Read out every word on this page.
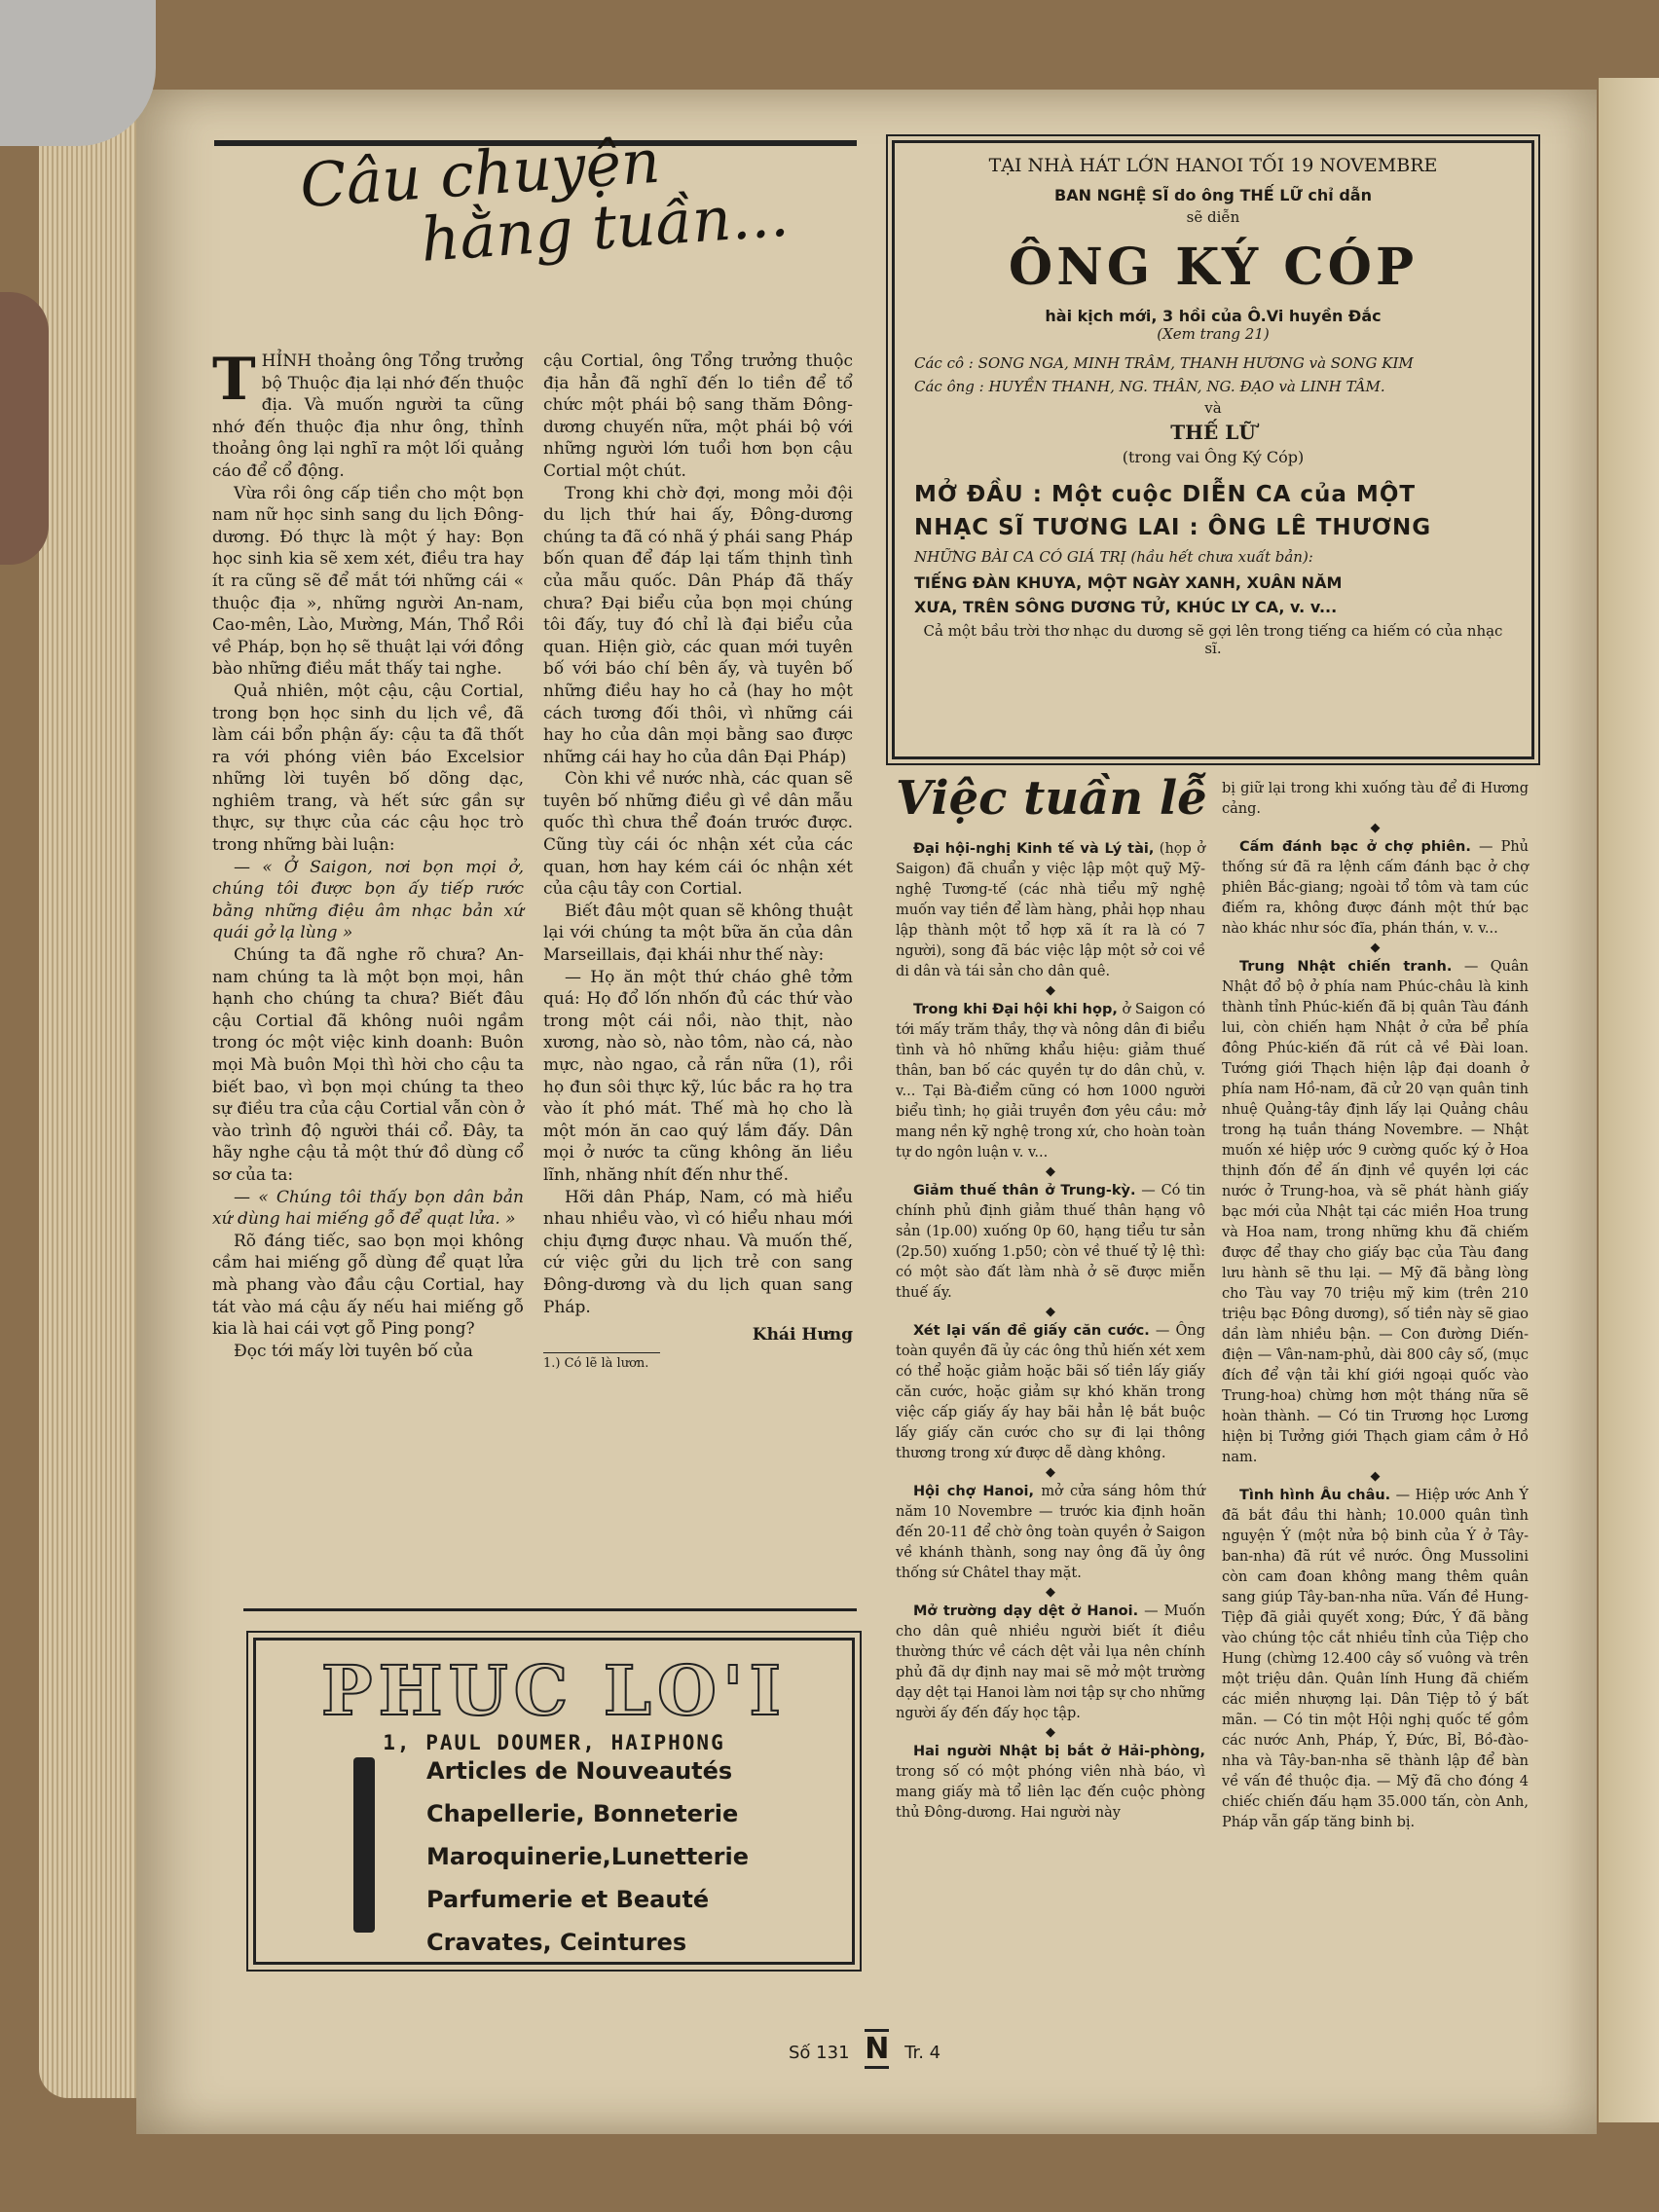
Câu chuyện
hằng tuần...
T HỈNH thoảng ông Tổng trưởng bộ Thuộc địa lại nhớ đến thuộc địa. Và muốn người ta cũng nhớ đến thuộc địa như ông, thỉnh thoảng ông lại nghĩ ra một lối quảng cáo để cổ động.

Vừa rồi ông cấp tiền cho một bọn nam nữ học sinh sang du lịch Đông-dương. Đó thực là một ý hay: Bọn học sinh kia sẽ xem xét, điều tra hay ít ra cũng sẽ để mắt tới những cái « thuộc địa », những người An-nam, Cao-mên, Lào, Mường, Mán, Thổ Rồi về Pháp, bọn họ sẽ thuật lại với đồng bào những điều mắt thấy tai nghe.

Quả nhiên, một cậu, cậu Cortial, trong bọn học sinh du lịch về, đã làm cái bổn phận ấy: cậu ta đã thốt ra với phóng viên báo Excelsior những lời tuyên bố dõng dạc, nghiêm trang, và hết sức gần sự thực, sự thực của các cậu học trò trong những bài luận:

— « Ở Saigon, nơi bọn mọi ở, chúng tôi được bọn ấy tiếp rước bằng những điệu âm nhạc bản xứ quái gở lạ lùng »

Chúng ta đã nghe rõ chưa? An-nam chúng ta là một bọn mọi, hân hạnh cho chúng ta chưa? Biết đâu cậu Cortial đã không nuôi ngầm trong óc một việc kinh doanh: Buôn mọi Mà buôn Mọi thì hời cho cậu ta biết bao, vì bọn mọi chúng ta theo sự điều tra của cậu Cortial vẫn còn ở vào trình độ người thái cổ. Đây, ta hãy nghe cậu tả một thứ đồ dùng cổ sơ của ta:

— « Chúng tôi thấy bọn dân bản xứ dùng hai miếng gỗ để quạt lửa. »

Rõ đáng tiếc, sao bọn mọi không cầm hai miếng gỗ dùng để quạt lửa mà phang vào đầu cậu Cortial, hay tát vào má cậu ấy nếu hai miếng gỗ kia là hai cái vợt gỗ Ping pong?

Đọc tới mấy lời tuyên bố của

cậu Cortial, ông Tổng trưởng thuộc địa hẳn đã nghĩ đến lo tiền để tổ chức một phái bộ sang thăm Đông-dương chuyến nữa, một phái bộ với những người lớn tuổi hơn bọn cậu Cortial một chút.

Trong khi chờ đợi, mong mỏi đội du lịch thứ hai ấy, Đông-dương chúng ta đã có nhã ý phái sang Pháp bốn quan để đáp lại tấm thịnh tình của mẫu quốc. Dân Pháp đã thấy chưa? Đại biểu của bọn mọi chúng tôi đấy, tuy đó chỉ là đại biểu của quan. Hiện giờ, các quan mới tuyên bố với báo chí bên ấy, và tuyên bố những điều hay ho cả (hay ho một cách tương đối thôi, vì những cái hay ho của dân mọi bằng sao được những cái hay ho của dân Đại Pháp)

Còn khi về nước nhà, các quan sẽ tuyên bố những điều gì về dân mẫu quốc thì chưa thể đoán trước được. Cũng tùy cái óc nhận xét của các quan, hơn hay kém cái óc nhận xét của cậu tây con Cortial.

Biết đâu một quan sẽ không thuật lại với chúng ta một bữa ăn của dân Marseillais, đại khái như thế này:

— Họ ăn một thứ cháo ghê tởm quá: Họ đổ lốn nhốn đủ các thứ vào trong một cái nồi, nào thịt, nào xương, nào sò, nào tôm, nào cá, nào mực, nào ngao, cả rắn nữa (1), rồi họ đun sôi thực kỹ, lúc bắc ra họ tra vào ít phó mát. Thế mà họ cho là một món ăn cao quý lắm đấy. Dân mọi ở nước ta cũng không ăn liều lĩnh, nhăng nhít đến như thế.

Hỡi dân Pháp, Nam, có mà hiểu nhau nhiều vào, vì có hiểu nhau mới chịu đựng được nhau. Và muốn thế, cứ việc gửi du lịch trẻ con sang Đông-dương và du lịch quan sang Pháp.

Khái Hưng
1.) Có lẽ là lươn.
TẠI NHÀ HÁT LỚN HANOI TỐI 19 NOVEMBRE
BAN NGHỆ SĨ do ông THẾ LỮ chỉ dẫn
sẽ diễn
ÔNG KÝ CÓP
hài kịch mới, 3 hồi của Ô.Vi huyền Đắc
(Xem trang 21)
Các cô : SONG NGA, MINH TRÂM, THANH HƯƠNG và SONG KIM
Các ông : HUYỀN THANH, NG. THÂN, NG. ĐẠO và LINH TÂM.
và
THẾ LỮ
(trong vai Ông Ký Cóp)
MỞ ĐẦU : Một cuộc DIỄN CA của MỘT
NHẠC SĨ TƯƠNG LAI : ÔNG LÊ THƯƠNG
NHỮNG BÀI CA CÓ GIÁ TRỊ (hầu hết chưa xuất bản):
TIẾNG ĐÀN KHUYA, MỘT NGÀY XANH, XUÂN NĂM
XƯA, TRÊN SÔNG DƯƠNG TỬ, KHÚC LY CA, v. v...
Cả một bầu trời thơ nhạc du dương sẽ gợi lên trong tiếng ca hiếm có của nhạc sĩ.
Việc tuần lễ

Đại hội-nghị Kinh tế và Lý tài, (họp ở Saigon) đã chuẩn y việc lập một quỹ Mỹ-nghệ Tương-tế (các nhà tiểu mỹ nghệ muốn vay tiền để làm hàng, phải họp nhau lập thành một tổ hợp xã ít ra là có 7 người), song đã bác việc lập một sở coi về di dân và tái sản cho dân quê.

◆

Trong khi Đại hội khi họp, ở Saigon có tới mấy trăm thầy, thợ và nông dân đi biểu tình và hô những khẩu hiệu: giảm thuế thân, ban bố các quyền tự do dân chủ, v. v... Tại Bà-điểm cũng có hơn 1000 người biểu tình; họ giải truyền đơn yêu cầu: mở mang nền kỹ nghệ trong xứ, cho hoàn toàn tự do ngôn luận v. v...

◆

Giảm thuế thân ở Trung-kỳ. — Có tin chính phủ định giảm thuế thân hạng vô sản (1p.00) xuống 0p 60, hạng tiểu tư sản (2p.50) xuống 1.p50; còn về thuế tỷ lệ thì: có một sào đất làm nhà ở sẽ được miễn thuế ấy.

◆

Xét lại vấn đề giấy căn cước. — Ông toàn quyền đã ủy các ông thủ hiến xét xem có thể hoặc giảm hoặc bãi số tiền lấy giấy căn cước, hoặc giảm sự khó khăn trong việc cấp giấy ấy hay bãi hẳn lệ bắt buộc lấy giấy căn cước cho sự đi lại thông thương trong xứ được dễ dàng không.

◆

Hội chợ Hanoi, mở cửa sáng hôm thứ năm 10 Novembre — trước kia định hoãn đến 20-11 để chờ ông toàn quyền ở Saigon về khánh thành, song nay ông đã ủy ông thống sứ Châtel thay mặt.

◆

Mở trường dạy dệt ở Hanoi. — Muốn cho dân quê nhiều người biết ít điều thường thức về cách dệt vải lụa nên chính phủ đã dự định nay mai sẽ mở một trường dạy dệt tại Hanoi làm nơi tập sự cho những người ấy đến đấy học tập.

◆

Hai người Nhật bị bắt ở Hải-phòng, trong số có một phóng viên nhà báo, vì mang giấy mà tổ liên lạc đến cuộc phòng thủ Đông-dương. Hai người này

bị giữ lại trong khi xuống tàu để đi Hương cảng.

◆

Cấm đánh bạc ở chợ phiên. — Phủ thống sứ đã ra lệnh cấm đánh bạc ở chợ phiên Bắc-giang; ngoài tổ tôm và tam cúc điếm ra, không được đánh một thứ bạc nào khác như sóc đĩa, phán thán, v. v...

◆

Trung Nhật chiến tranh. — Quân Nhật đổ bộ ở phía nam Phúc-châu là kinh thành tỉnh Phúc-kiến đã bị quân Tàu đánh lui, còn chiến hạm Nhật ở cửa bể phía đông Phúc-kiến đã rút cả về Đài loan. Tướng giới Thạch hiện lập đại doanh ở phía nam Hồ-nam, đã cử 20 vạn quân tinh nhuệ Quảng-tây định lấy lại Quảng châu trong hạ tuần tháng Novembre. — Nhật muốn xé hiệp ước 9 cường quốc ký ở Hoa thịnh đốn để ấn định về quyền lợi các nước ở Trung-hoa, và sẽ phát hành giấy bạc mới của Nhật tại các miền Hoa trung và Hoa nam, trong những khu đã chiếm được để thay cho giấy bạc của Tàu đang lưu hành sẽ thu lại. — Mỹ đã bằng lòng cho Tàu vay 70 triệu mỹ kim (trên 210 triệu bạc Đông dương), số tiền này sẽ giao dần làm nhiều bận. — Con đường Diến-điện — Vân-nam-phủ, dài 800 cây số, (mục đích để vận tải khí giới ngoại quốc vào Trung-hoa) chừng hơn một tháng nữa sẽ hoàn thành. — Có tin Trương học Lương hiện bị Tưởng giới Thạch giam cầm ở Hồ nam.

◆

Tình hình Âu châu. — Hiệp ước Anh Ý đã bắt đầu thi hành; 10.000 quân tình nguyện Ý (một nửa bộ binh của Ý ở Tây-ban-nha) đã rút về nước. Ông Mussolini còn cam đoan không mang thêm quân sang giúp Tây-ban-nha nữa. Vấn đề Hung-Tiệp đã giải quyết xong; Đức, Ý đã bằng vào chúng tộc cắt nhiều tỉnh của Tiệp cho Hung (chừng 12.400 cây số vuông và trên một triệu dân. Quân lính Hung đã chiếm các miền nhượng lại. Dân Tiệp tỏ ý bất mãn. — Có tin một Hội nghị quốc tế gồm các nước Anh, Pháp, Ý, Đức, Bỉ, Bồ-đào-nha và Tây-ban-nha sẽ thành lập để bàn về vấn đề thuộc địa. — Mỹ đã cho đóng 4 chiếc chiến đấu hạm 35.000 tấn, còn Anh, Pháp vẫn gấp tăng binh bị.

PHUC LO'I
1, PAUL DOUMER, HAIPHONG
Articles de Nouveautés
Chapellerie, Bonneterie
Maroquinerie,Lunetterie
Parfumerie et Beauté
Cravates, Ceintures
Số 131 N Tr. 4
